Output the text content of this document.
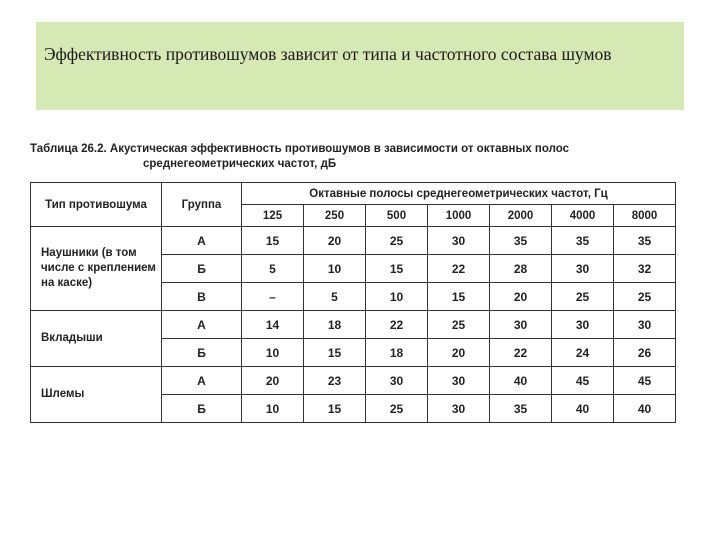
Эффективность противошумов зависит от типа и частотного состава шумов
Таблица 26.2. Акустическая эффективность противошумов в зависимости от октавных полос
среднегеометрических частот, дБ
Тип противошума	Группа	Октавные полосы среднегеометрических частот, Гц						
		125	250	500	1000	2000	4000	8000
Наушники (в том числе с креплением на каске)	А	15	20	25	30	35	35	35
	Б	5	10	15	22	28	30	32
	В	–	5	10	15	20	25	25
Вкладыши	А	14	18	22	25	30	30	30
	Б	10	15	18	20	22	24	26
Шлемы	А	20	23	30	30	40	45	45
	Б	10	15	25	30	35	40	40
